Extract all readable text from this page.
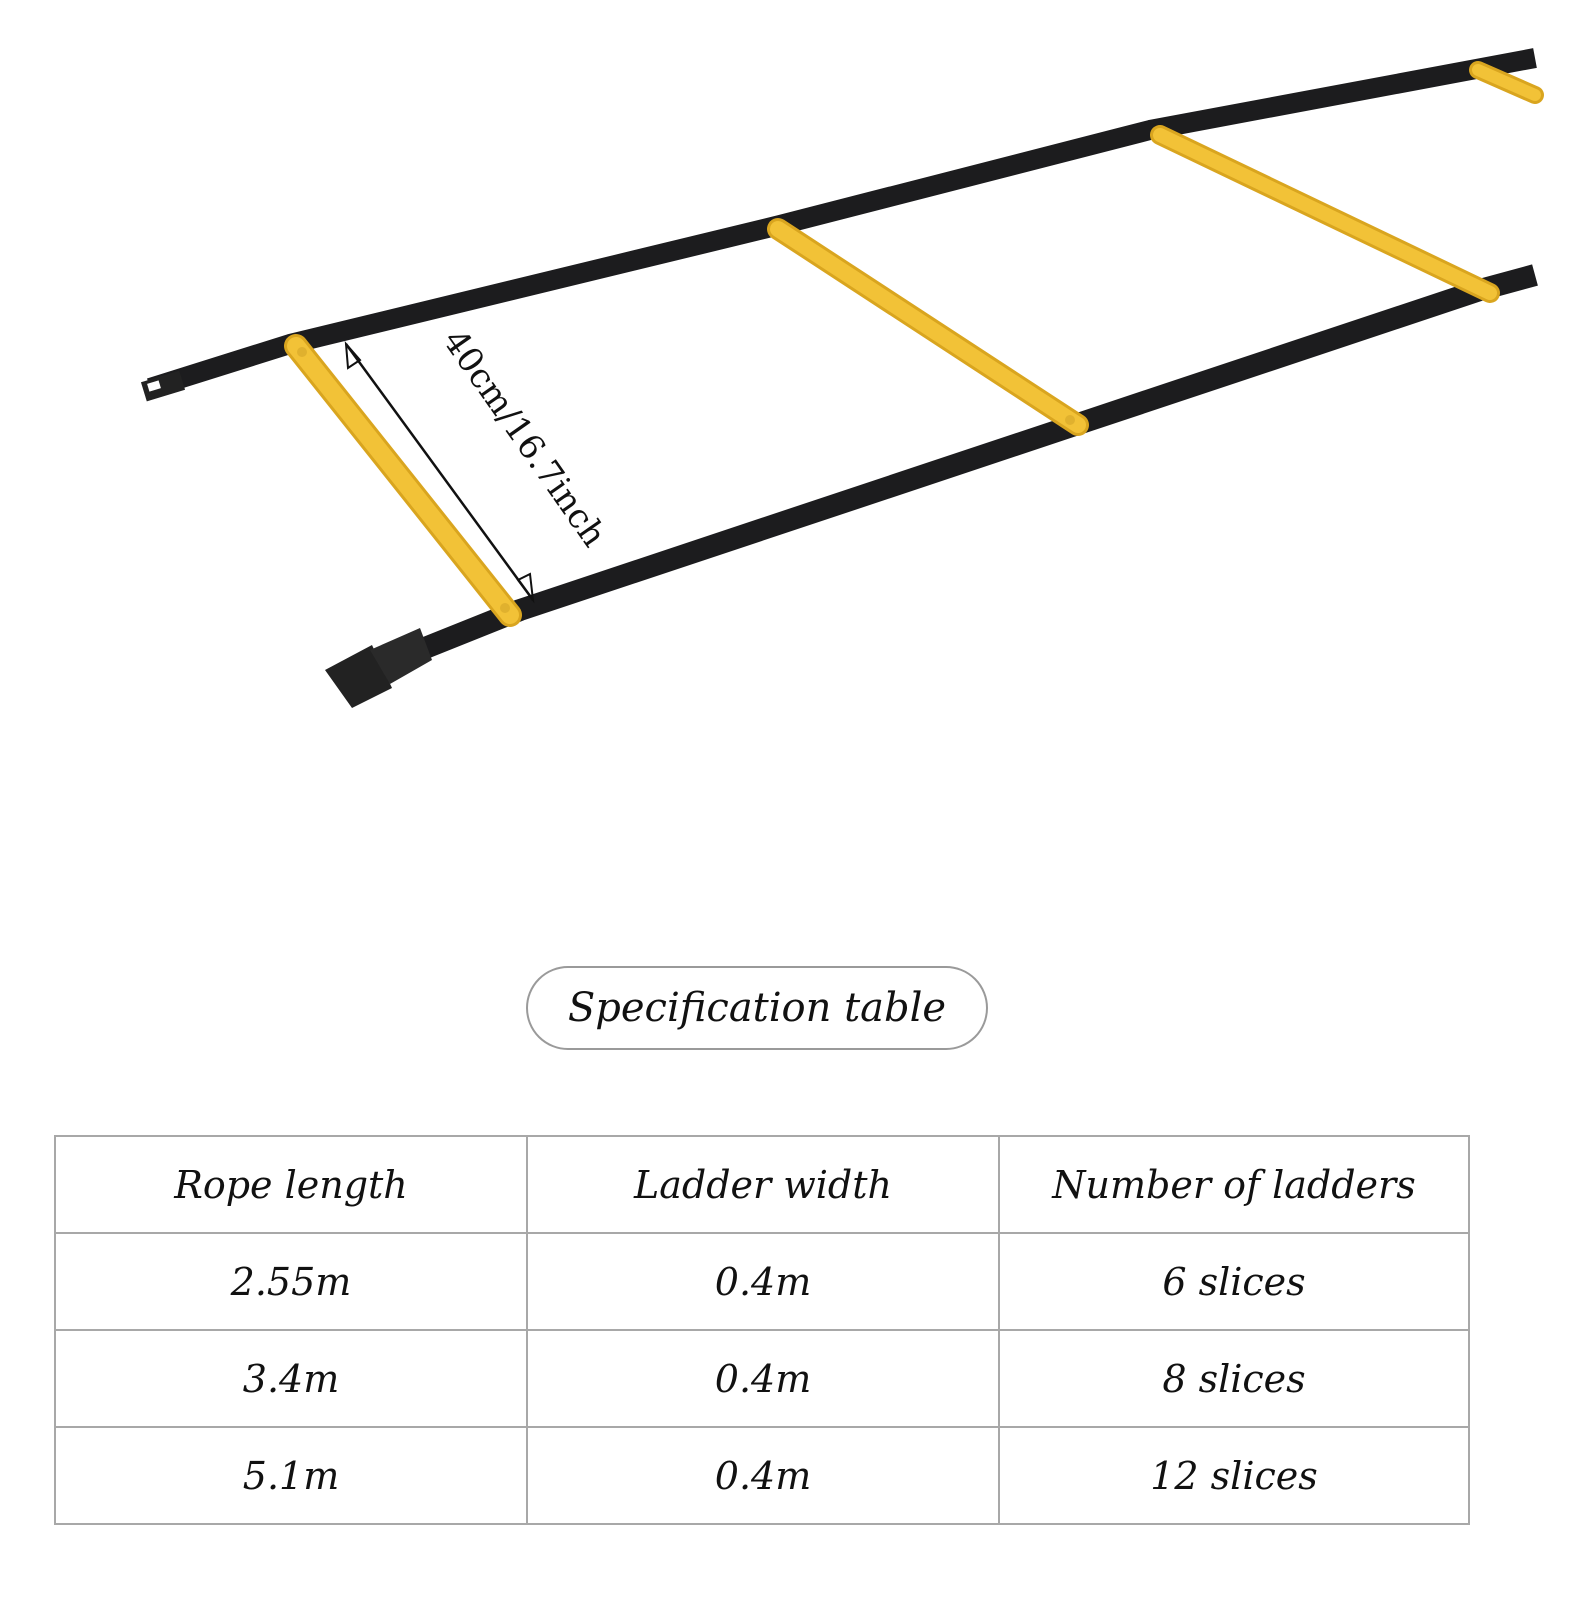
40cm/16.7inch
Specification table
Rope length	Ladder width	Number of ladders
2.55m	0.4m	6 slices
3.4m	0.4m	8 slices
5.1m	0.4m	12 slices
